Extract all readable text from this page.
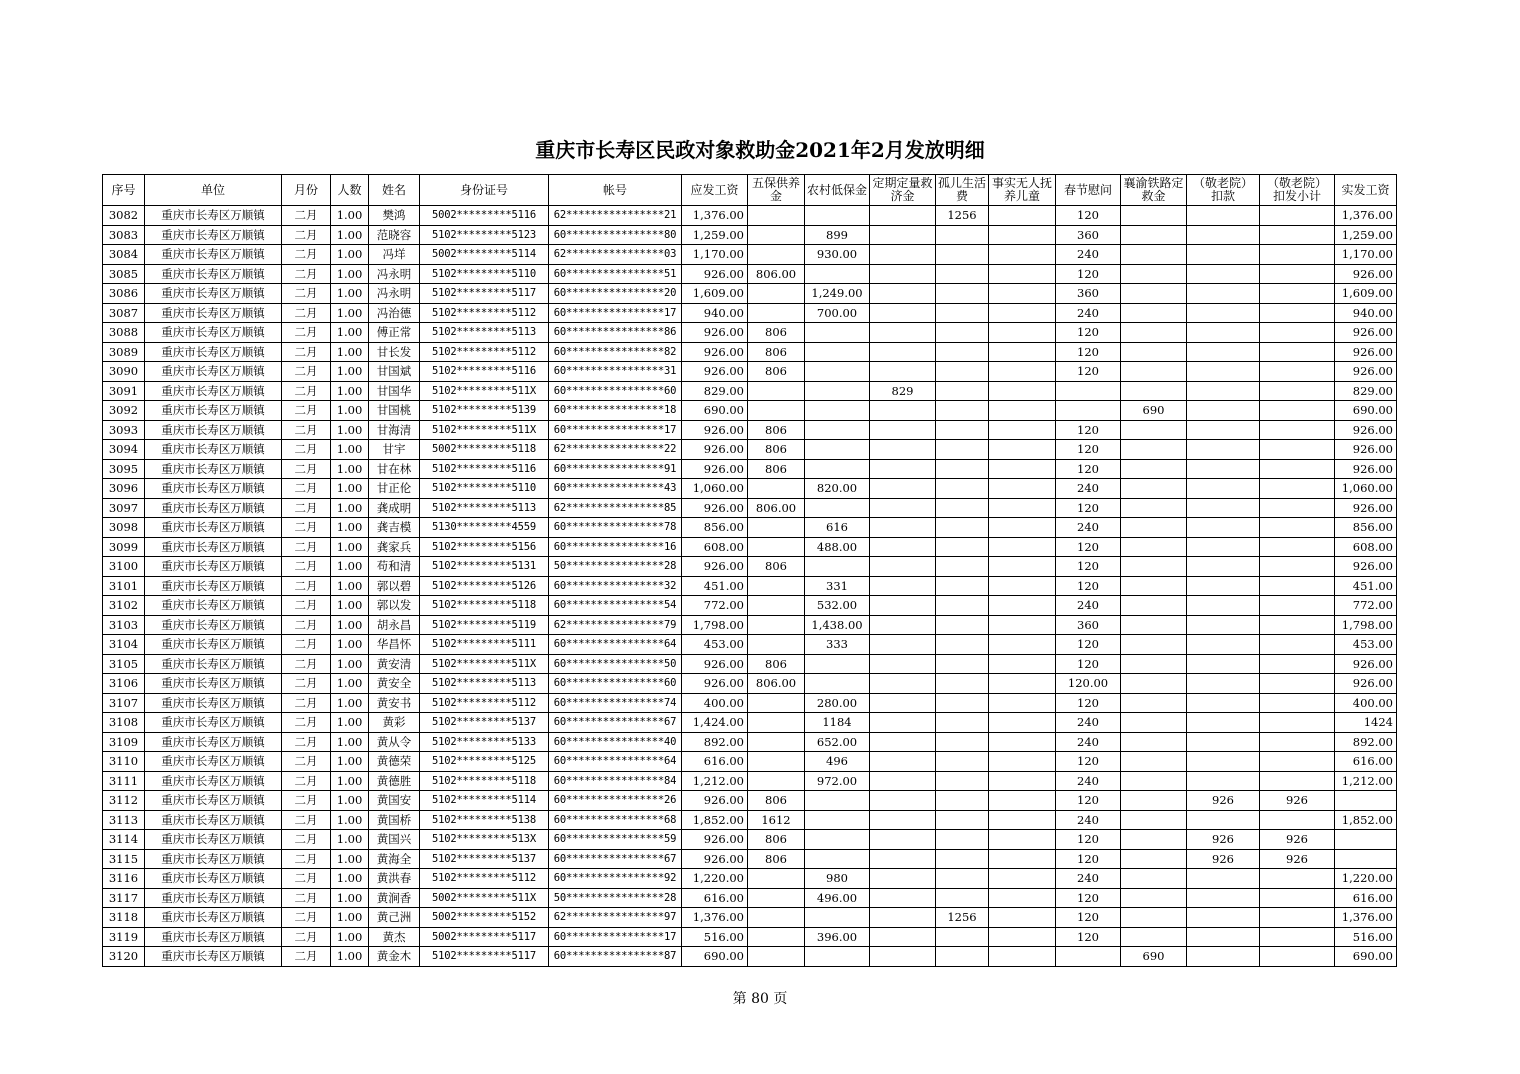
重庆市长寿区民政对象救助金2021年2月发放明细
序号	单位	月份	人数	姓名	身份证号	帐号	应发工资	五保供养金	农村低保金	定期定量救济金	孤儿生活费	事实无人抚养儿童	春节慰问	襄渝铁路定救金	（敬老院）扣款	（敬老院）扣发小计	实发工资
3082	重庆市长寿区万顺镇	二月	1.00	樊鸿	5002*********5116	62****************21	1,376.00				1256		120				1,376.00
3083	重庆市长寿区万顺镇	二月	1.00	范晓容	5102*********5123	60****************80	1,259.00		899				360				1,259.00
3084	重庆市长寿区万顺镇	二月	1.00	冯垟	5002*********5114	62****************03	1,170.00		930.00				240				1,170.00
3085	重庆市长寿区万顺镇	二月	1.00	冯永明	5102*********5110	60****************51	926.00	806.00					120				926.00
3086	重庆市长寿区万顺镇	二月	1.00	冯永明	5102*********5117	60****************20	1,609.00		1,249.00				360				1,609.00
3087	重庆市长寿区万顺镇	二月	1.00	冯治德	5102*********5112	60****************17	940.00		700.00				240				940.00
3088	重庆市长寿区万顺镇	二月	1.00	傅正常	5102*********5113	60****************86	926.00	806					120				926.00
3089	重庆市长寿区万顺镇	二月	1.00	甘长发	5102*********5112	60****************82	926.00	806					120				926.00
3090	重庆市长寿区万顺镇	二月	1.00	甘国斌	5102*********5116	60****************31	926.00	806					120				926.00
3091	重庆市长寿区万顺镇	二月	1.00	甘国华	5102*********511X	60****************60	829.00			829							829.00
3092	重庆市长寿区万顺镇	二月	1.00	甘国桃	5102*********5139	60****************18	690.00							690			690.00
3093	重庆市长寿区万顺镇	二月	1.00	甘海清	5102*********511X	60****************17	926.00	806					120				926.00
3094	重庆市长寿区万顺镇	二月	1.00	甘宇	5002*********5118	62****************22	926.00	806					120				926.00
3095	重庆市长寿区万顺镇	二月	1.00	甘在林	5102*********5116	60****************91	926.00	806					120				926.00
3096	重庆市长寿区万顺镇	二月	1.00	甘正伦	5102*********5110	60****************43	1,060.00		820.00				240				1,060.00
3097	重庆市长寿区万顺镇	二月	1.00	龚成明	5102*********5113	62****************85	926.00	806.00					120				926.00
3098	重庆市长寿区万顺镇	二月	1.00	龚吉模	5130*********4559	60****************78	856.00		616				240				856.00
3099	重庆市长寿区万顺镇	二月	1.00	龚家兵	5102*********5156	60****************16	608.00		488.00				120				608.00
3100	重庆市长寿区万顺镇	二月	1.00	苟和清	5102*********5131	50****************28	926.00	806					120				926.00
3101	重庆市长寿区万顺镇	二月	1.00	郭以碧	5102*********5126	60****************32	451.00		331				120				451.00
3102	重庆市长寿区万顺镇	二月	1.00	郭以发	5102*********5118	60****************54	772.00		532.00				240				772.00
3103	重庆市长寿区万顺镇	二月	1.00	胡永昌	5102*********5119	62****************79	1,798.00		1,438.00				360				1,798.00
3104	重庆市长寿区万顺镇	二月	1.00	华昌怀	5102*********5111	60****************64	453.00		333				120				453.00
3105	重庆市长寿区万顺镇	二月	1.00	黄安清	5102*********511X	60****************50	926.00	806					120				926.00
3106	重庆市长寿区万顺镇	二月	1.00	黄安全	5102*********5113	60****************60	926.00	806.00					120.00				926.00
3107	重庆市长寿区万顺镇	二月	1.00	黄安书	5102*********5112	60****************74	400.00		280.00				120				400.00
3108	重庆市长寿区万顺镇	二月	1.00	黄彩	5102*********5137	60****************67	1,424.00		1184				240				1424
3109	重庆市长寿区万顺镇	二月	1.00	黄从令	5102*********5133	60****************40	892.00		652.00				240				892.00
3110	重庆市长寿区万顺镇	二月	1.00	黄德荣	5102*********5125	60****************64	616.00		496				120				616.00
3111	重庆市长寿区万顺镇	二月	1.00	黄德胜	5102*********5118	60****************84	1,212.00		972.00				240				1,212.00
3112	重庆市长寿区万顺镇	二月	1.00	黄国安	5102*********5114	60****************26	926.00	806					120		926	926	
3113	重庆市长寿区万顺镇	二月	1.00	黄国桥	5102*********5138	60****************68	1,852.00	1612					240				1,852.00
3114	重庆市长寿区万顺镇	二月	1.00	黄国兴	5102*********513X	60****************59	926.00	806					120		926	926	
3115	重庆市长寿区万顺镇	二月	1.00	黄海全	5102*********5137	60****************67	926.00	806					120		926	926	
3116	重庆市长寿区万顺镇	二月	1.00	黄洪春	5102*********5112	60****************92	1,220.00		980				240				1,220.00
3117	重庆市长寿区万顺镇	二月	1.00	黄涧香	5002*********511X	50****************28	616.00		496.00				120				616.00
3118	重庆市长寿区万顺镇	二月	1.00	黄己洲	5002*********5152	62****************97	1,376.00				1256		120				1,376.00
3119	重庆市长寿区万顺镇	二月	1.00	黄杰	5002*********5117	60****************17	516.00		396.00				120				516.00
3120	重庆市长寿区万顺镇	二月	1.00	黄金木	5102*********5117	60****************87	690.00							690			690.00
第 80 页
